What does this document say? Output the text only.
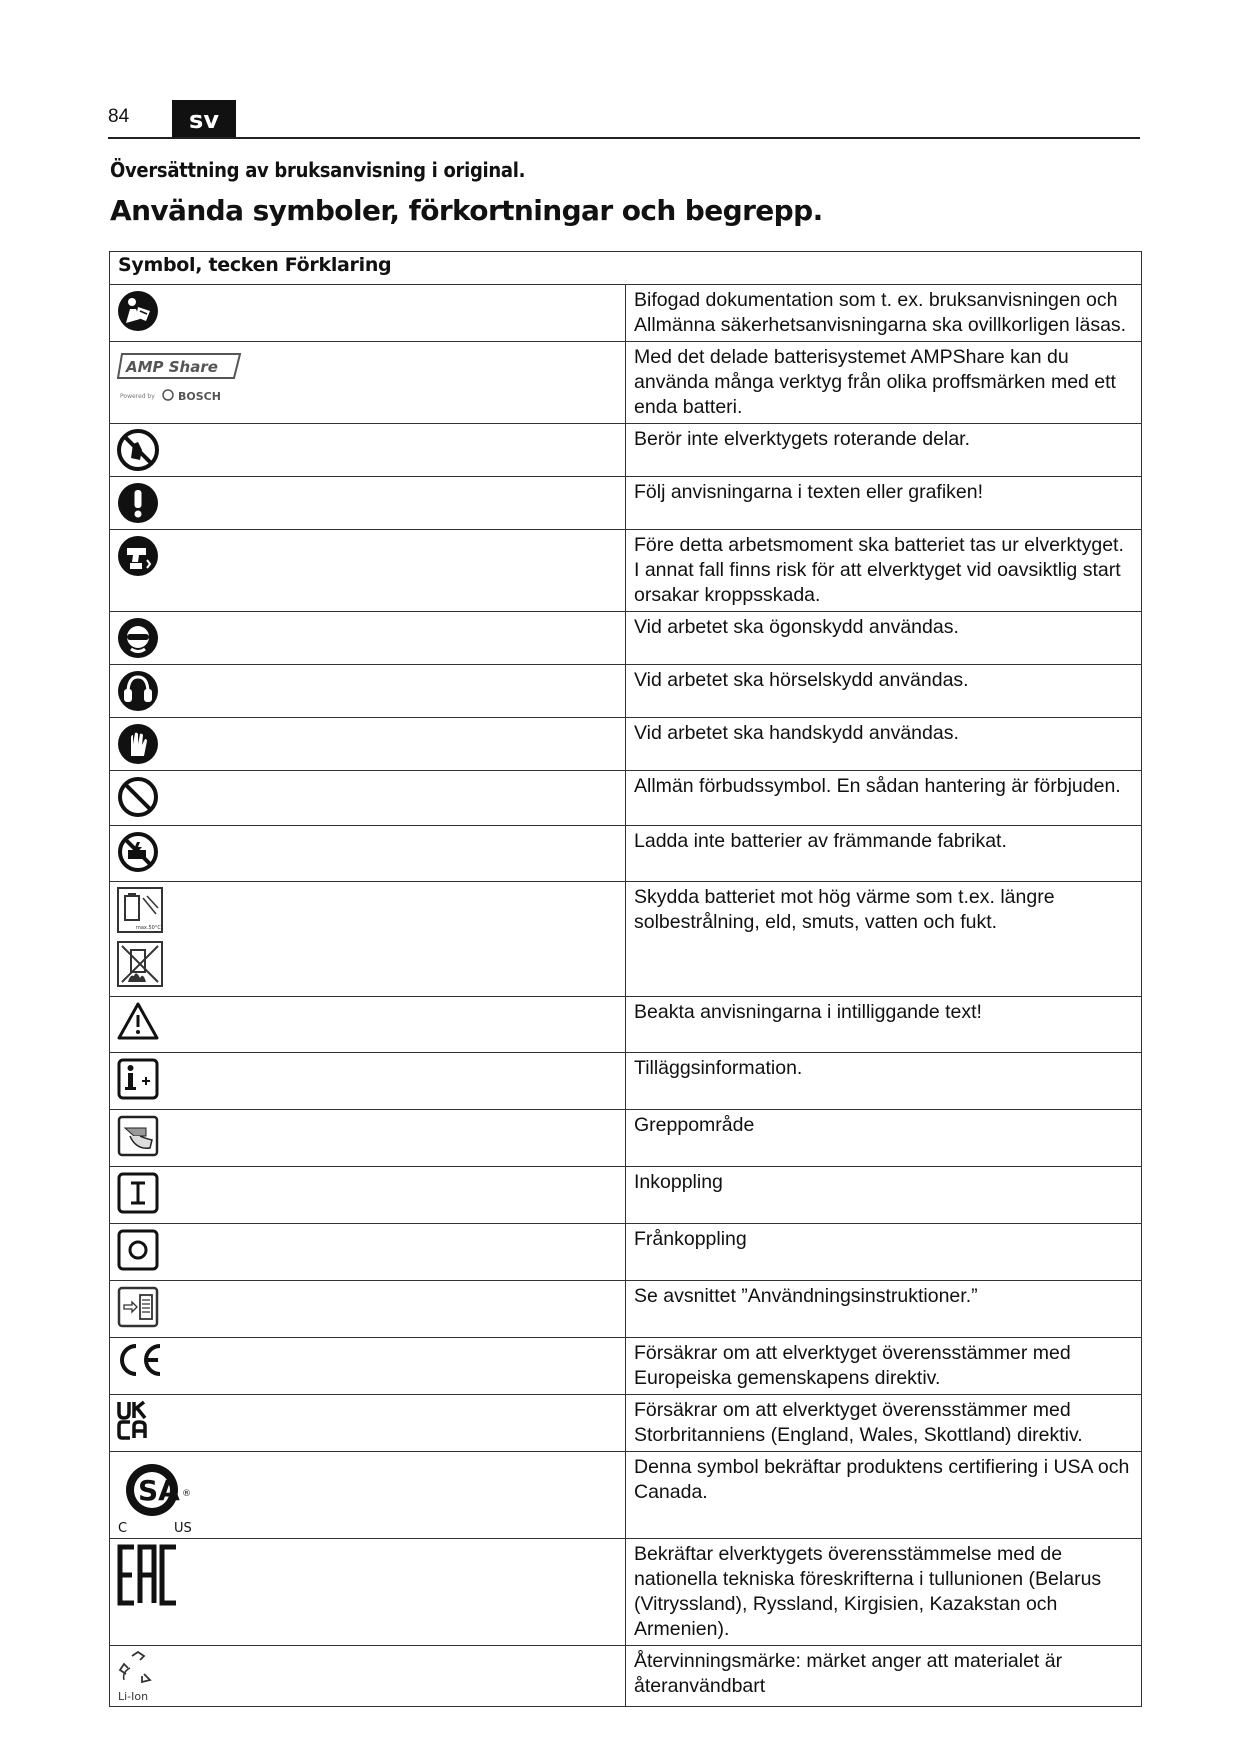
84	sv
Översättning av bruksanvisning i original.
Använda symboler, förkortningar och begrepp.
Symbol, tecken Förklaring	

	Bifogad dokumentation som t. ex. bruksanvisningen och Allmänna säkerhetsanvisningarna ska ovillkorligen läsas.

AMP Share
Powered by BOSCH	Med det delade batterisystemet AMPShare kan du använda många verktyg från olika proffsmärken med ett enda batteri.

	Berör inte elverktygets roterande delar.

	Följ anvisningarna i texten eller grafiken!

	Före detta arbetsmoment ska batteriet tas ur elverktyget. I annat fall finns risk för att elverktyget vid oavsiktlig start orsakar kroppsskada.

	Vid arbetet ska ögonskydd användas.

	Vid arbetet ska hörselskydd användas.

	Vid arbetet ska handskydd användas.

	Allmän förbudssymbol. En sådan hantering är förbjuden.

	Ladda inte batterier av främmande fabrikat.

max.50°C	Skydda batteriet mot hög värme som t.ex. längre solbestrålning, eld, smuts, vatten och fukt.

	Beakta anvisningarna i intilliggande text!

	Tilläggsinformation.

	Greppområde

	Inkoppling

	Frånkoppling

	Se avsnittet ”Användningsinstruktioner.”

	Försäkrar om att elverktyget överensstämmer med Europeiska gemenskapens direktiv.

	Försäkrar om att elverktyget överensstämmer med Storbritanniens (England, Wales, Skottland) direktiv.

SA ®
C US	Denna symbol bekräftar produktens certifiering i USA och Canada.

	Bekräftar elverktygets överensstämmelse med de nationella tekniska föreskrifterna i tullunionen (Belarus (Vitryssland), Ryssland, Kirgisien, Kazakstan och Armenien).

Li-Ion	Återvinningsmärke: märket anger att materialet är återanvändbart
